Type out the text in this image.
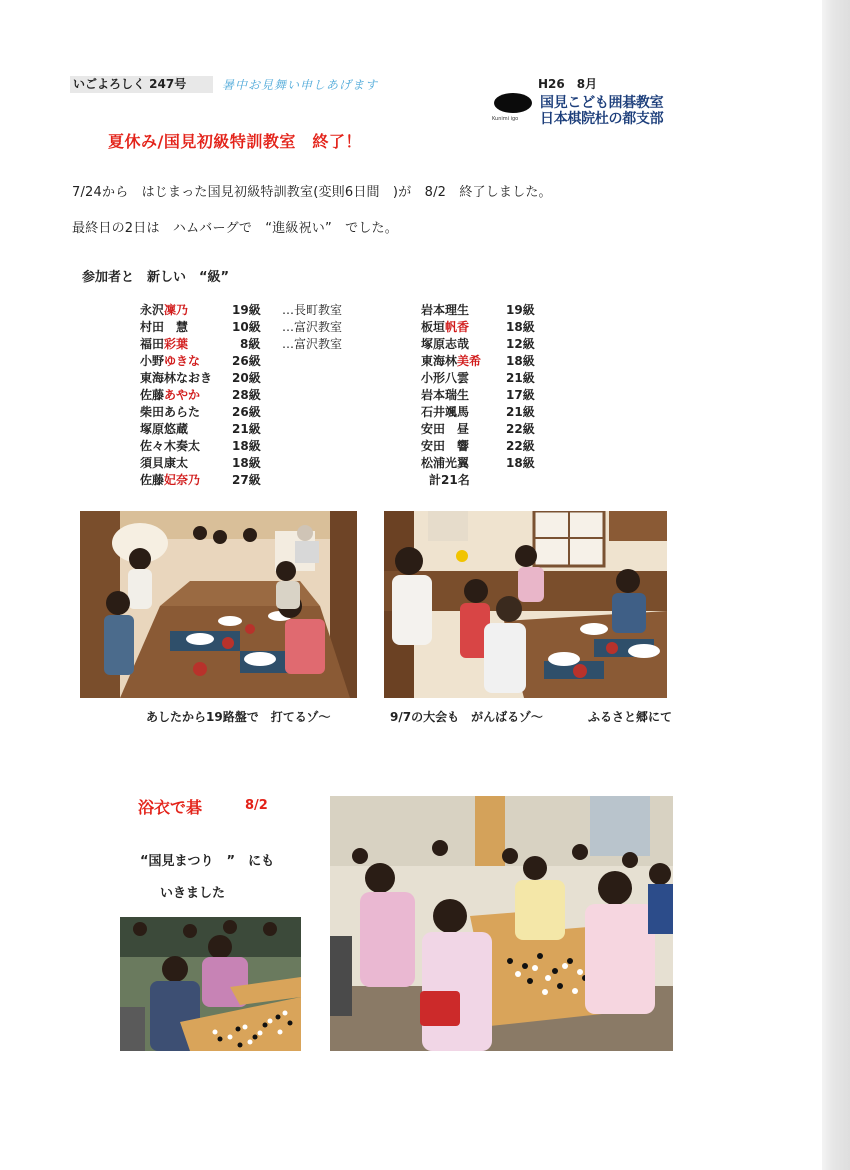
いごよろしく 247号	暑中お見舞い申しあげます	H26　8月
Kunimi igo
国見こども囲碁教室
日本棋院杜の都支部
夏休み/国見初級特訓教室　終了！
7/24から　はじまった国見初級特訓教室(変則6日間　)が　8/2　終了しました。
最終日の2日は　ハムバーグで　“進級祝い”　でした。
参加者と　新しい　“級”
永沢凜乃	19級 …長町教室
村田　慧	10級 …富沢教室
福田彩葉	8級 …富沢教室
小野ゆきな	26級
東海林なおき 20級
佐藤あやか	28級
柴田あらた	26級
塚原悠蔵	21級
佐々木奏太	18級
須貝康太	18級
佐藤妃奈乃	27級
岩本理生	19級
板垣帆香	18級
塚原志哉	12級
東海林美希 18級
小形八雲	21級
岩本瑞生	17級
石井颯馬	21級
安田　昼	22級
安田　響	22級
松浦光翼	18級
計21名
あしたから19路盤で　打てるゾ～	9/7の大会も　がんばるゾ～	ふるさと郷にて
浴衣で碁	8/2
“国見まつり　”　にも
いきました
